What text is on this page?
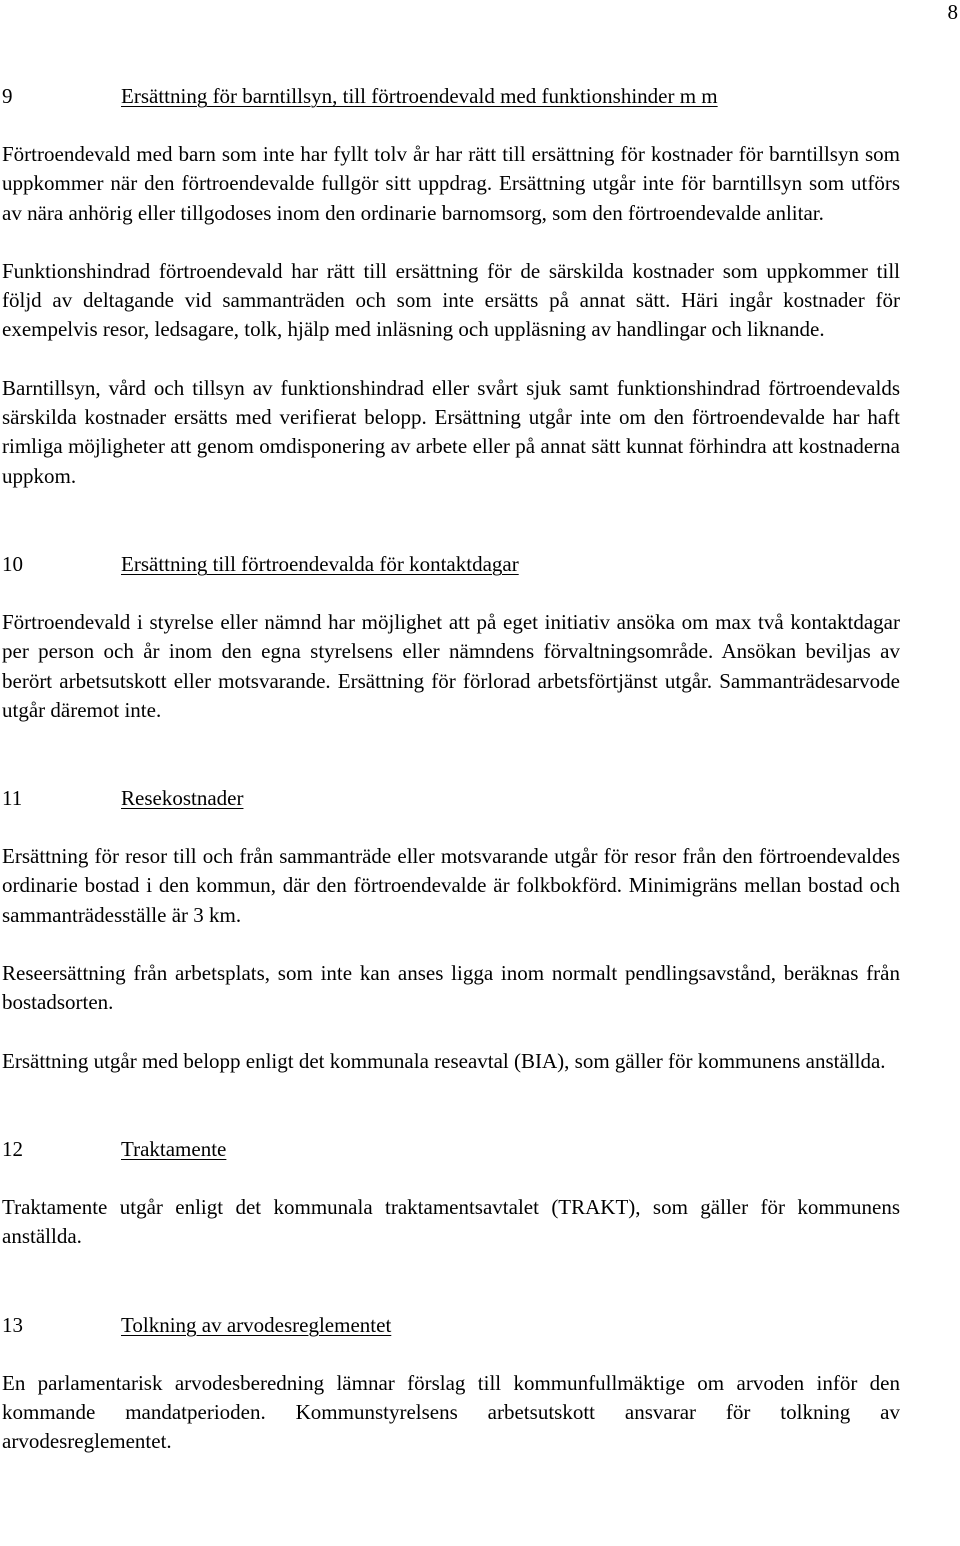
8
9	Ersättning för barntillsyn, till förtroendevald med funktionshinder m m

Förtroendevald med barn som inte har fyllt tolv år har rätt till ersättning för kostnader för barntillsyn som uppkommer när den förtroendevalde fullgör sitt uppdrag. Ersättning utgår inte för barntillsyn som utförs av nära anhörig eller tillgodoses inom den ordinarie barnomsorg, som den förtroendevalde anlitar.

Funktionshindrad förtroendevald har rätt till ersättning för de särskilda kostnader som uppkommer till följd av deltagande vid sammanträden och som inte ersätts på annat sätt. Häri ingår kostnader för exempelvis resor, ledsagare, tolk, hjälp med inläsning och uppläsning av handlingar och liknande.

Barntillsyn, vård och tillsyn av funktionshindrad eller svårt sjuk samt funktionshindrad förtroendevalds särskilda kostnader ersätts med verifierat belopp. Ersättning utgår inte om den förtroendevalde har haft rimliga möjligheter att genom omdisponering av arbete eller på annat sätt kunnat förhindra att kostnaderna uppkom.

10	Ersättning till förtroendevalda för kontaktdagar

Förtroendevald i styrelse eller nämnd har möjlighet att på eget initiativ ansöka om max två kontaktdagar per person och år inom den egna styrelsens eller nämndens förvaltningsområde. Ansökan beviljas av berört arbetsutskott eller motsvarande. Ersättning för förlorad arbetsförtjänst utgår. Sammanträdesarvode utgår däremot inte.

11	Resekostnader

Ersättning för resor till och från sammanträde eller motsvarande utgår för resor från den förtroendevaldes ordinarie bostad i den kommun, där den förtroendevalde är folkbokförd. Minimigräns mellan bostad och sammanträdesställe är 3 km.

Reseersättning från arbetsplats, som inte kan anses ligga inom normalt pendlingsavstånd, beräknas från bostadsorten.

Ersättning utgår med belopp enligt det kommunala reseavtal (BIA), som gäller för kommunens anställda.

12	Traktamente

Traktamente utgår enligt det kommunala traktamentsavtalet (TRAKT), som gäller för kommunens anställda.

13	Tolkning av arvodesreglementet

En parlamentarisk arvodesberedning lämnar förslag till kommunfullmäktige om arvoden inför den kommande mandatperioden. Kommunstyrelsens arbetsutskott ansvarar för tolkning av arvodesreglementet.
